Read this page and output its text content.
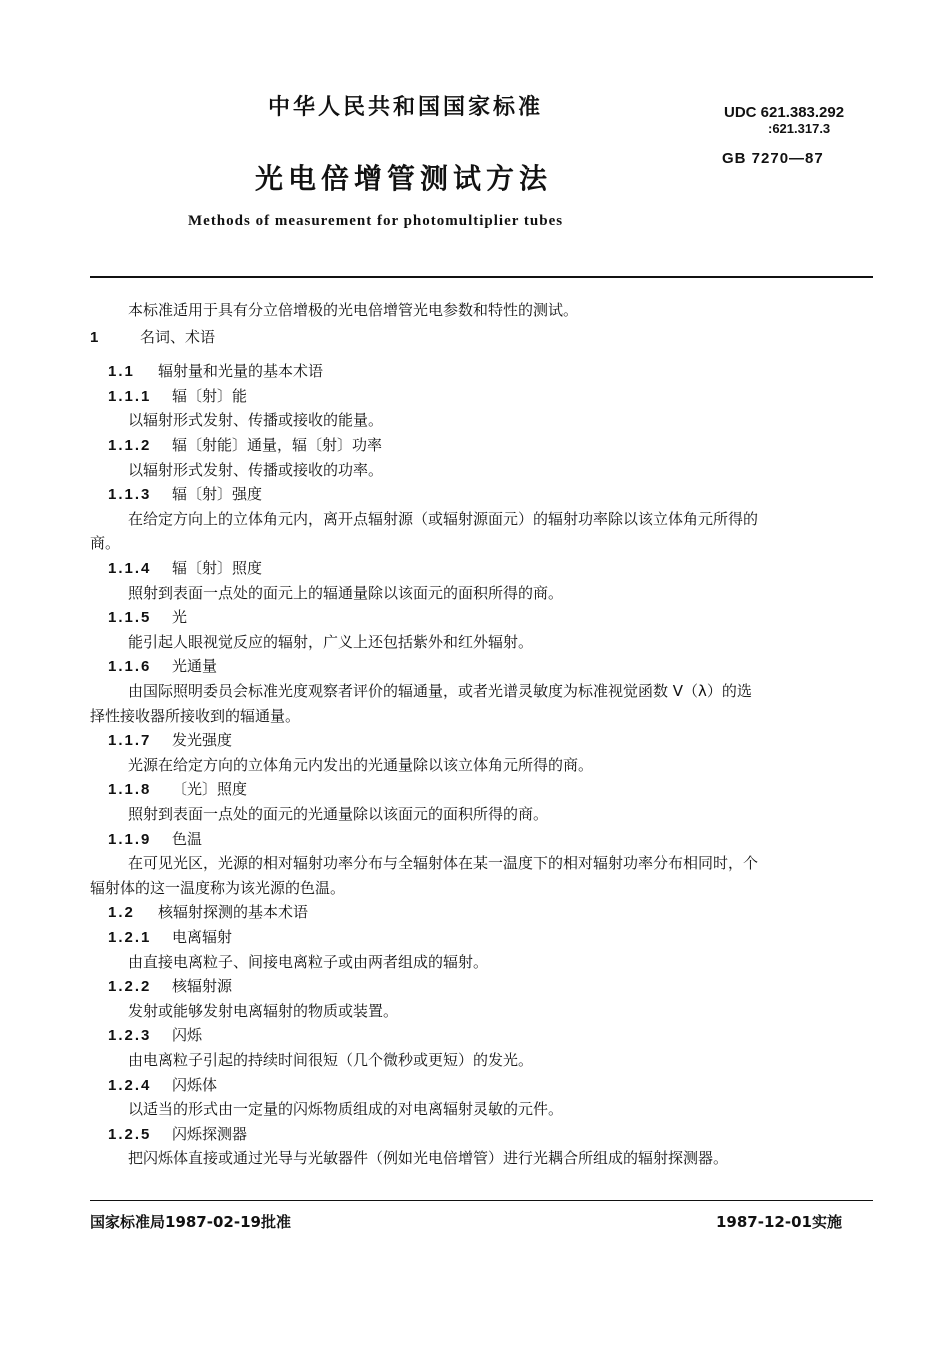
中华人民共和国国家标准	UDC 621.383.292
:621.317.3
GB 7270—87
光电倍增管测试方法
Methods of measurement for photomultiplier tubes
本标准适用于具有分立倍增极的光电倍增管光电参数和特性的测试。
1	名词、术语
1.1 辐射量和光量的基本术语
1.1.1 辐〔射〕能
以辐射形式发射、传播或接收的能量。
1.1.2 辐〔射能〕通量，辐〔射〕功率
以辐射形式发射、传播或接收的功率。
1.1.3 辐〔射〕强度
在给定方向上的立体角元内，离开点辐射源（或辐射源面元）的辐射功率除以该立体角元所得的
商。
1.1.4 辐〔射〕照度
照射到表面一点处的面元上的辐通量除以该面元的面积所得的商。
1.1.5 光
能引起人眼视觉反应的辐射，广义上还包括紫外和红外辐射。
1.1.6 光通量
由国际照明委员会标准光度观察者评价的辐通量，或者光谱灵敏度为标准视觉函数 V（λ）的选
择性接收器所接收到的辐通量。
1.1.7 发光强度
光源在给定方向的立体角元内发出的光通量除以该立体角元所得的商。
1.1.8 〔光〕照度
照射到表面一点处的面元的光通量除以该面元的面积所得的商。
1.1.9 色温
在可见光区，光源的相对辐射功率分布与全辐射体在某一温度下的相对辐射功率分布相同时，个
辐射体的这一温度称为该光源的色温。
1.2 核辐射探测的基本术语
1.2.1 电离辐射
由直接电离粒子、间接电离粒子或由两者组成的辐射。
1.2.2 核辐射源
发射或能够发射电离辐射的物质或装置。
1.2.3 闪烁
由电离粒子引起的持续时间很短（几个微秒或更短）的发光。
1.2.4 闪烁体
以适当的形式由一定量的闪烁物质组成的对电离辐射灵敏的元件。
1.2.5 闪烁探测器
把闪烁体直接或通过光导与光敏器件（例如光电倍增管）进行光耦合所组成的辐射探测器。
国家标准局1987-02-19批准	1987-12-01实施
